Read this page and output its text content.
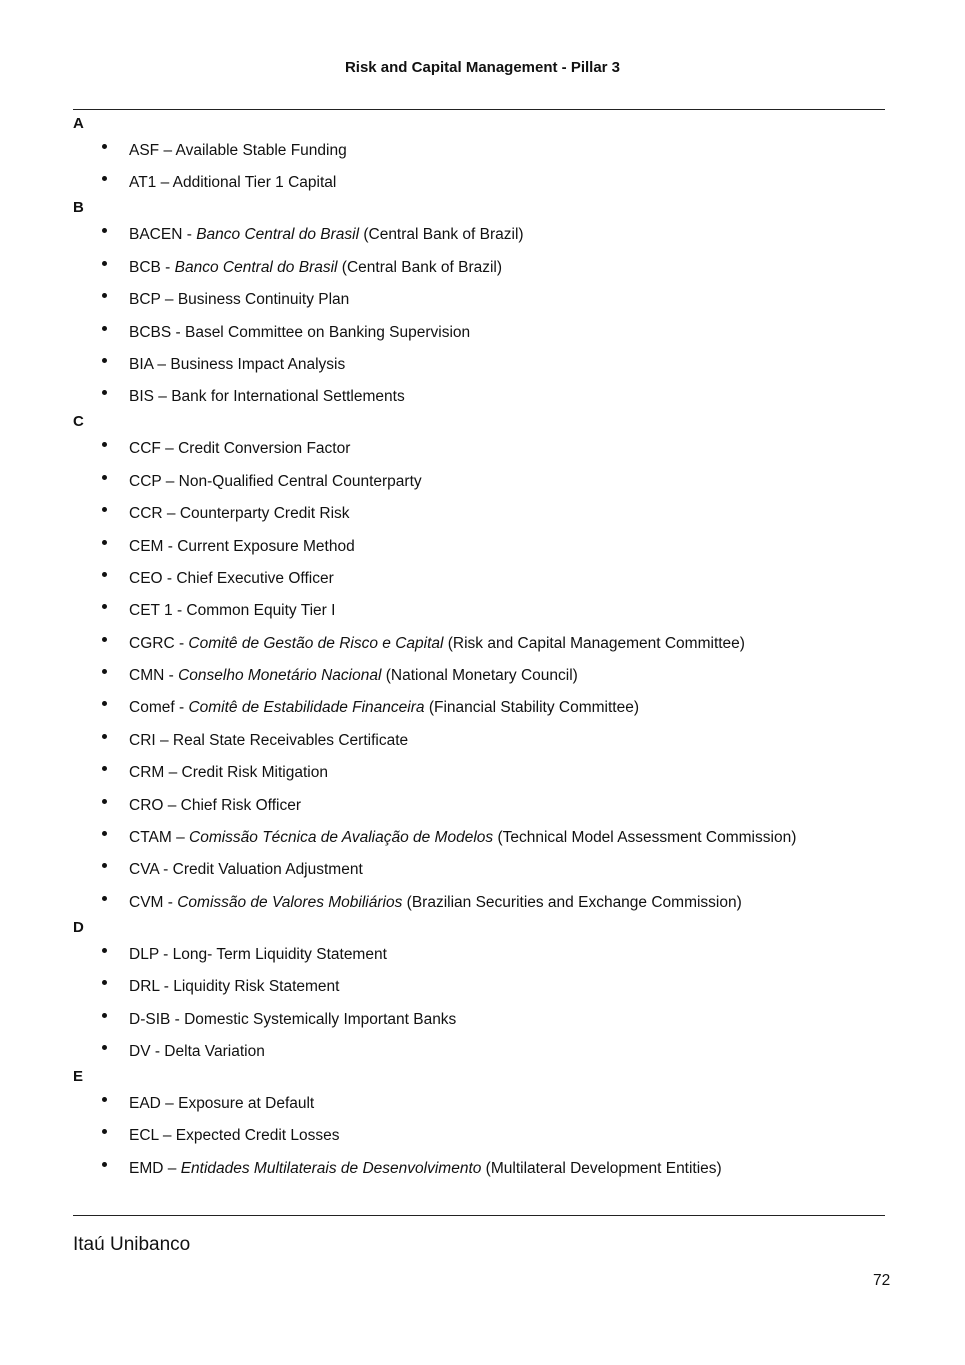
Risk and Capital Management - Pillar 3
A
ASF – Available Stable Funding
AT1 – Additional Tier 1 Capital
B
BACEN - Banco Central do Brasil (Central Bank of Brazil)
BCB - Banco Central do Brasil (Central Bank of Brazil)
BCP – Business Continuity Plan
BCBS - Basel Committee on Banking Supervision
BIA – Business Impact Analysis
BIS – Bank for International Settlements
C
CCF – Credit Conversion Factor
CCP – Non-Qualified Central Counterparty
CCR – Counterparty Credit Risk
CEM - Current Exposure Method
CEO - Chief Executive Officer
CET 1 - Common Equity Tier I
CGRC - Comitê de Gestão de Risco e Capital (Risk and Capital Management Committee)
CMN - Conselho Monetário Nacional (National Monetary Council)
Comef - Comitê de Estabilidade Financeira (Financial Stability Committee)
CRI – Real State Receivables Certificate
CRM – Credit Risk Mitigation
CRO – Chief Risk Officer
CTAM – Comissão Técnica de Avaliação de Modelos (Technical Model Assessment Commission)
CVA - Credit Valuation Adjustment
CVM - Comissão de Valores Mobiliários (Brazilian Securities and Exchange Commission)
D
DLP - Long- Term Liquidity Statement
DRL - Liquidity Risk Statement
D-SIB - Domestic Systemically Important Banks
DV - Delta Variation
E
EAD – Exposure at Default
ECL – Expected Credit Losses
EMD – Entidades Multilaterais de Desenvolvimento (Multilateral Development Entities)
Itaú Unibanco
72
